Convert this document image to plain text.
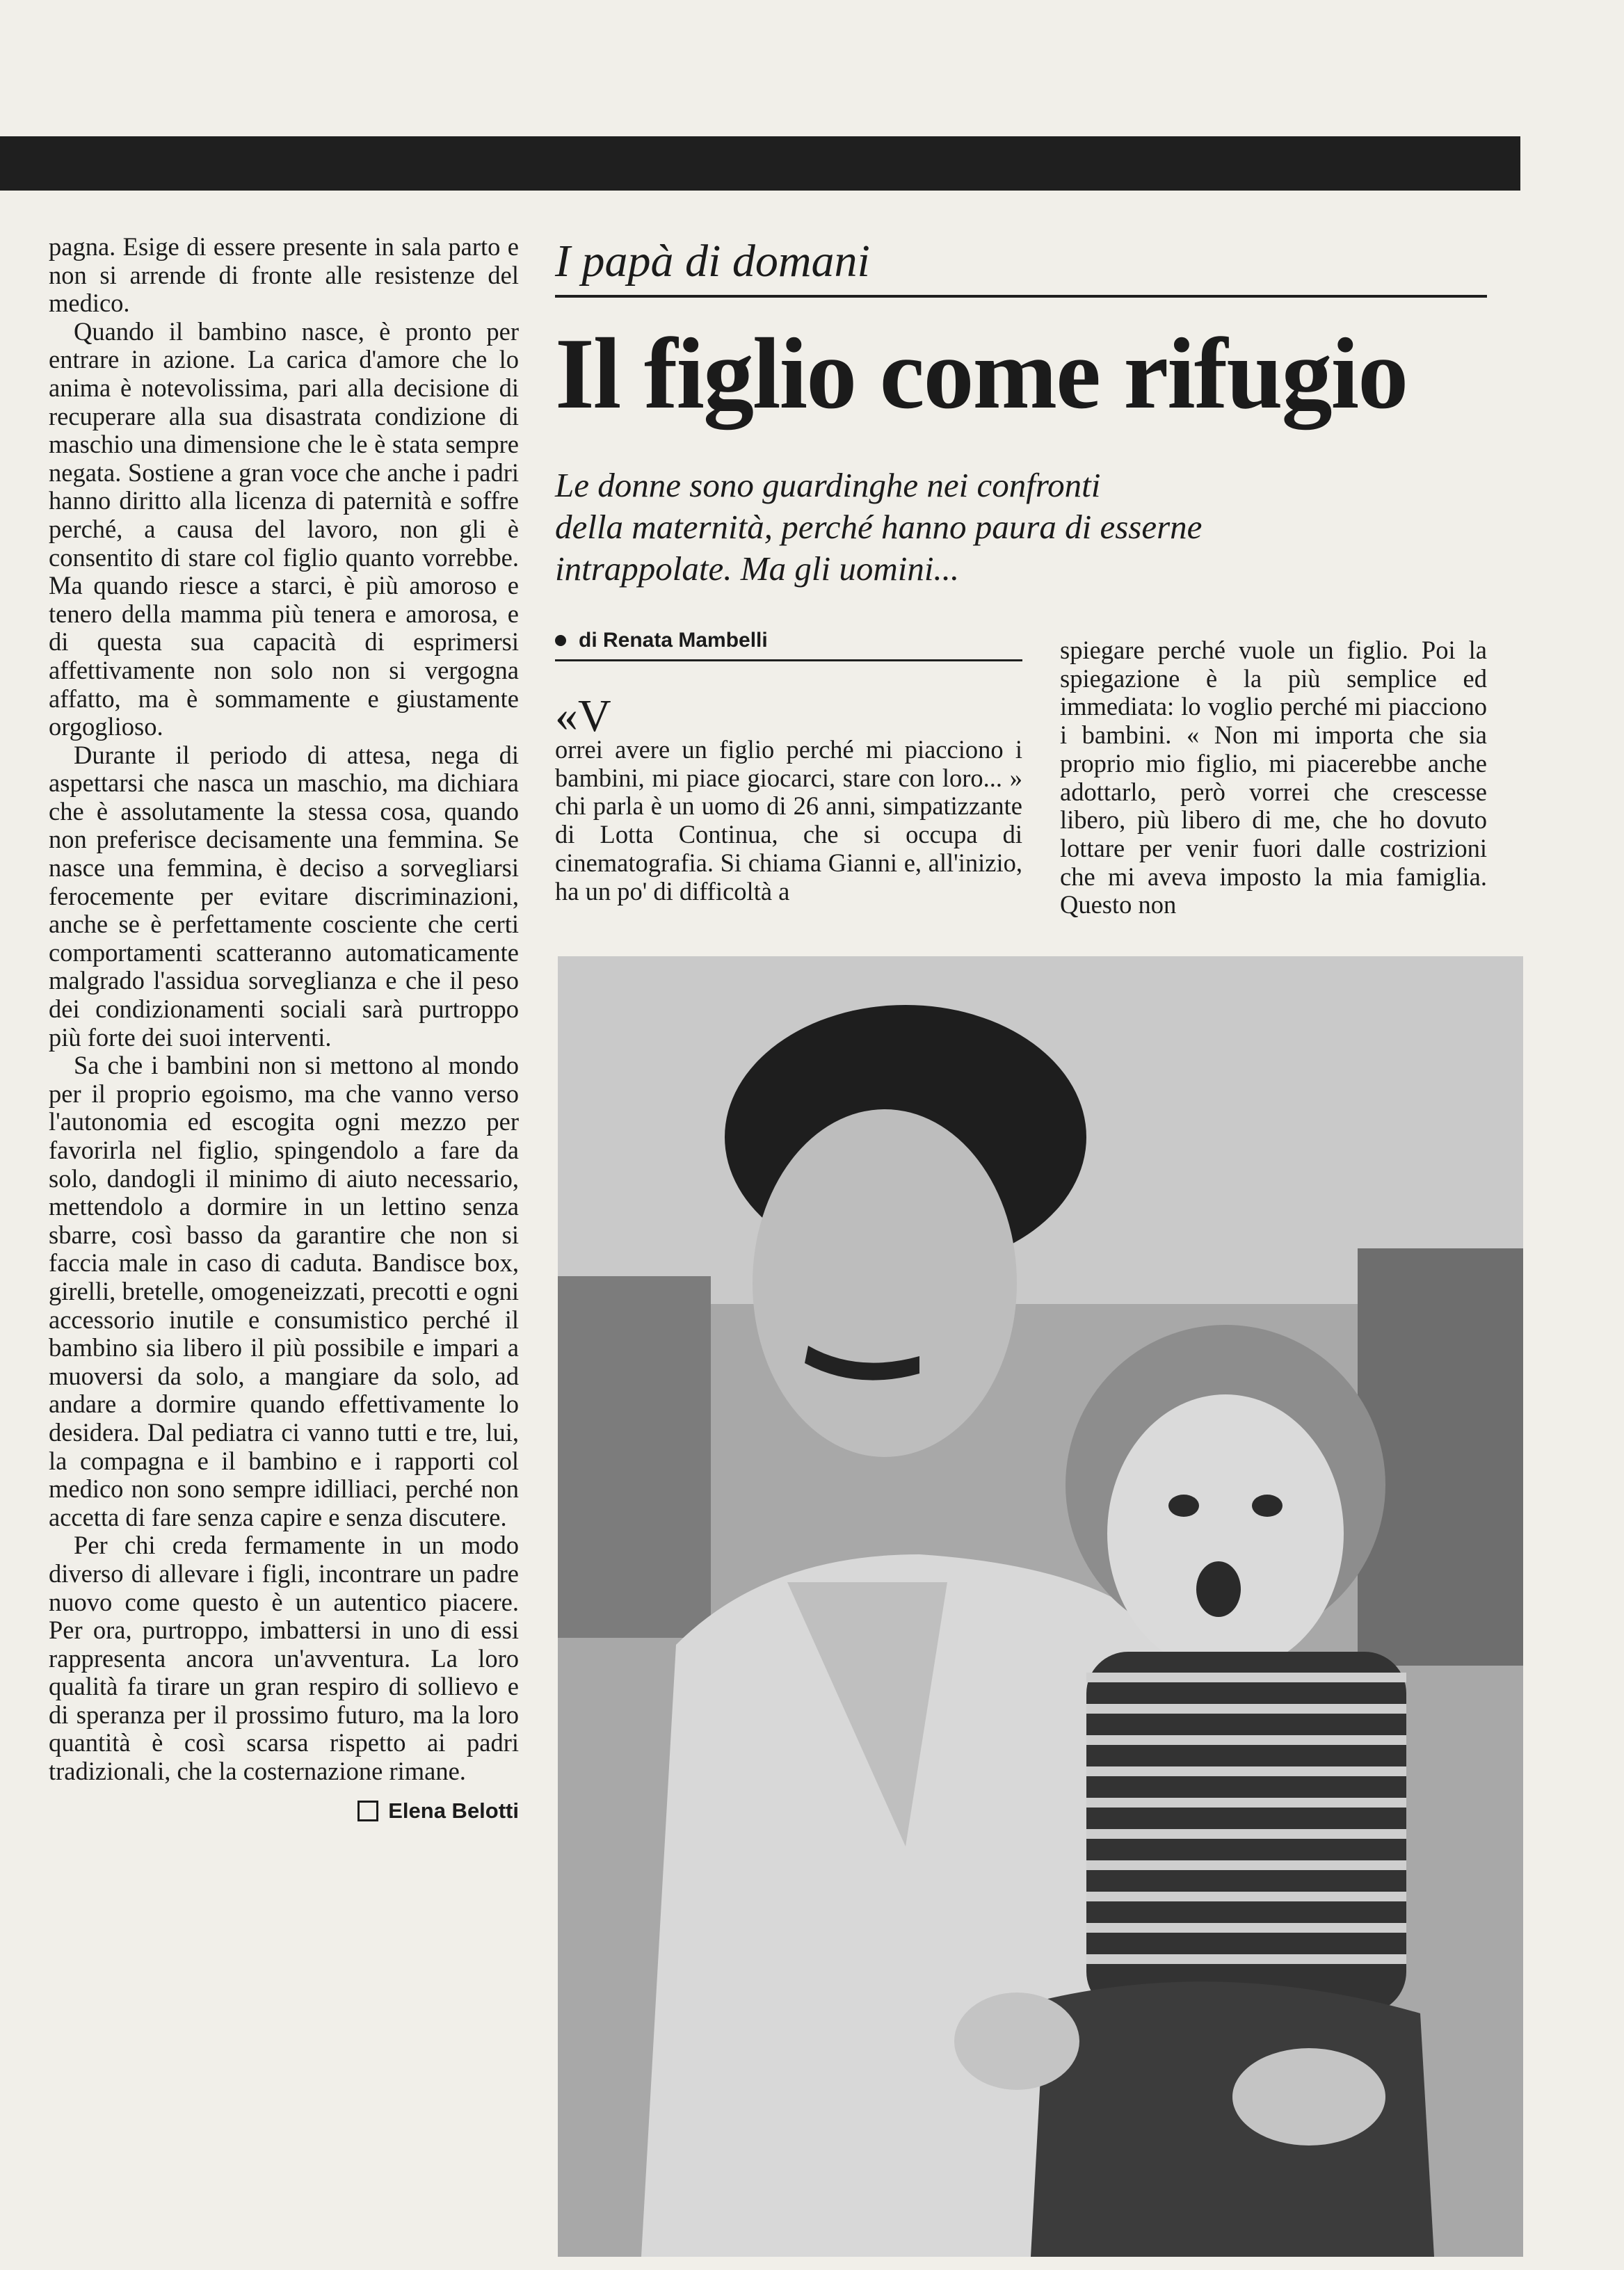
pagna. Esige di essere presente in sala parto e non si arrende di fronte alle resistenze del medico.

Quando il bambino nasce, è pronto per entrare in azione. La carica d'amore che lo anima è notevolissima, pari alla decisione di recuperare alla sua disastrata condizione di maschio una dimensione che le è stata sempre negata. Sostiene a gran voce che anche i padri hanno diritto alla licenza di paternità e soffre perché, a causa del lavoro, non gli è consentito di stare col figlio quanto vorrebbe. Ma quando riesce a starci, è più amoroso e tenero della mamma più tenera e amorosa, e di questa sua capacità di esprimersi affettivamente non solo non si vergogna affatto, ma è sommamente e giustamente orgoglioso.

Durante il periodo di attesa, nega di aspettarsi che nasca un maschio, ma dichiara che è assolutamente la stessa cosa, quando non preferisce decisamente una femmina. Se nasce una femmina, è deciso a sorvegliarsi ferocemente per evitare discriminazioni, anche se è perfettamente cosciente che certi comportamenti scatteranno automaticamente malgrado l'assidua sorveglianza e che il peso dei condizionamenti sociali sarà purtroppo più forte dei suoi interventi.

Sa che i bambini non si mettono al mondo per il proprio egoismo, ma che vanno verso l'autonomia ed escogita ogni mezzo per favorirla nel figlio, spingendolo a fare da solo, dandogli il minimo di aiuto necessario, mettendolo a dormire in un lettino senza sbarre, così basso da garantire che non si faccia male in caso di caduta. Bandisce box, girelli, bretelle, omogeneizzati, precotti e ogni accessorio inutile e consumistico perché il bambino sia libero il più possibile e impari a muoversi da solo, a mangiare da solo, ad andare a dormire quando effettivamente lo desidera. Dal pediatra ci vanno tutti e tre, lui, la compagna e il bambino e i rapporti col medico non sono sempre idilliaci, perché non accetta di fare senza capire e senza discutere.

Per chi creda fermamente in un modo diverso di allevare i figli, incontrare un padre nuovo come questo è un autentico piacere. Per ora, purtroppo, imbattersi in uno di essi rappresenta ancora un'avventura. La loro qualità fa tirare un gran respiro di sollievo e di speranza per il prossimo futuro, ma la loro quantità è così scarsa rispetto ai padri tradizionali, che la costernazione rimane.

Elena Belotti
I papà di domani
Il figlio come rifugio
Le donne sono guardinghe nei confronti
della maternità, perché hanno paura di esserne
intrappolate. Ma gli uomini...
di Renata Mambelli
«V

orrei avere un figlio perché mi piacciono i bambini, mi piace giocarci, stare con loro... » chi parla è un uomo di 26 anni, simpatizzante di Lotta Continua, che si occupa di cinematografia. Si chiama Gianni e, all'inizio, ha un po' di difficoltà a

spiegare perché vuole un figlio. Poi la spiegazione è la più semplice ed immediata: lo voglio perché mi piacciono i bambini. « Non mi importa che sia proprio mio figlio, mi piacerebbe anche adottarlo, però vorrei che crescesse libero, più libero di me, che ho dovuto lottare per venir fuori dalle costrizioni che mi aveva imposto la mia famiglia. Questo non
